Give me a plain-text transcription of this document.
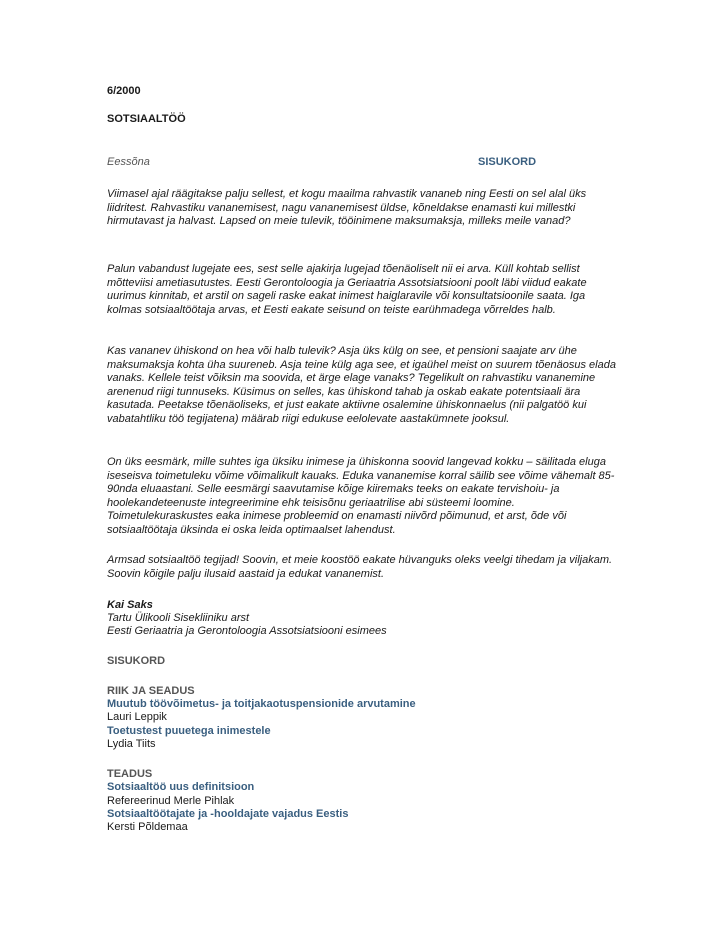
6/2000
SOTSIAALTÖÖ
Eessõna	SISUKORD

Viimasel ajal räägitakse palju sellest, et kogu maailma rahvastik vananeb ning Eesti on sel alal üks liidritest. Rahvastiku vananemisest, nagu vananemisest üldse, kõneldakse enamasti kui millestki hirmutavast ja halvast. Lapsed on meie tulevik, tööinimene maksumaksja, milleks meile vanad?

Palun vabandust lugejate ees, sest selle ajakirja lugejad tõenäoliselt nii ei arva. Küll kohtab sellist mõtteviisi ametiasutustes. Eesti Gerontoloogia ja Geriaatria Assotsiatsiooni poolt läbi viidud eakate uurimus kinnitab, et arstil on sageli raske eakat inimest haiglaravile või konsultatsioonile saata. Iga kolmas sotsiaaltöötaja arvas, et Eesti eakate seisund on teiste earühmadega võrreldes halb.

Kas vananev ühiskond on hea või halb tulevik? Asja üks külg on see, et pensioni saajate arv ühe maksumaksja kohta üha suureneb. Asja teine külg aga see, et igaühel meist on suurem tõenäosus elada vanaks. Kellele teist võiksin ma soovida, et ärge elage vanaks? Tegelikult on rahvastiku vananemine arenenud riigi tunnuseks. Küsimus on selles, kas ühiskond tahab ja oskab eakate potentsiaali ära kasutada. Peetakse tõenäoliseks, et just eakate aktiivne osalemine ühiskonnaelus (nii palgatöö kui vabatahtliku töö tegijatena) määrab riigi edukuse eelolevate aastakümnete jooksul.

On üks eesmärk, mille suhtes iga üksiku inimese ja ühiskonna soovid langevad kokku – säilitada eluga iseseisva toimetuleku võime võimalikult kauaks. Eduka vananemise korral säilib see võime vähemalt 85-90nda eluaastani. Selle eesmärgi saavutamise kõige kiiremaks teeks on eakate tervishoiu- ja hoolekandeteenuste integreerimine ehk teisisõnu geriaatrilise abi süsteemi loomine. Toimetulekuraskustes eaka inimese probleemid on enamasti niivõrd põimunud, et arst, õde või sotsiaaltöötaja üksinda ei oska leida optimaalset lahendust.

Armsad sotsiaaltöö tegijad! Soovin, et meie koostöö eakate hüvanguks oleks veelgi tihedam ja viljakam. Soovin kõigile palju ilusaid aastaid ja edukat vananemist.

Kai Saks
Tartu Ülikooli Sisekliiniku arst
Eesti Geriaatria ja Gerontoloogia Assotsiatsiooni esimees
SISUKORD
RIIK JA SEADUS
Muutub töövõimetus- ja toitjakaotuspensionide arvutamine
Lauri Leppik
Toetustest puuetega inimestele
Lydia Tiits
TEADUS
Sotsiaaltöö uus definitsioon
Refereerinud Merle Pihlak
Sotsiaaltöötajate ja -hooldajate vajadus Eestis
Kersti Põldemaa
